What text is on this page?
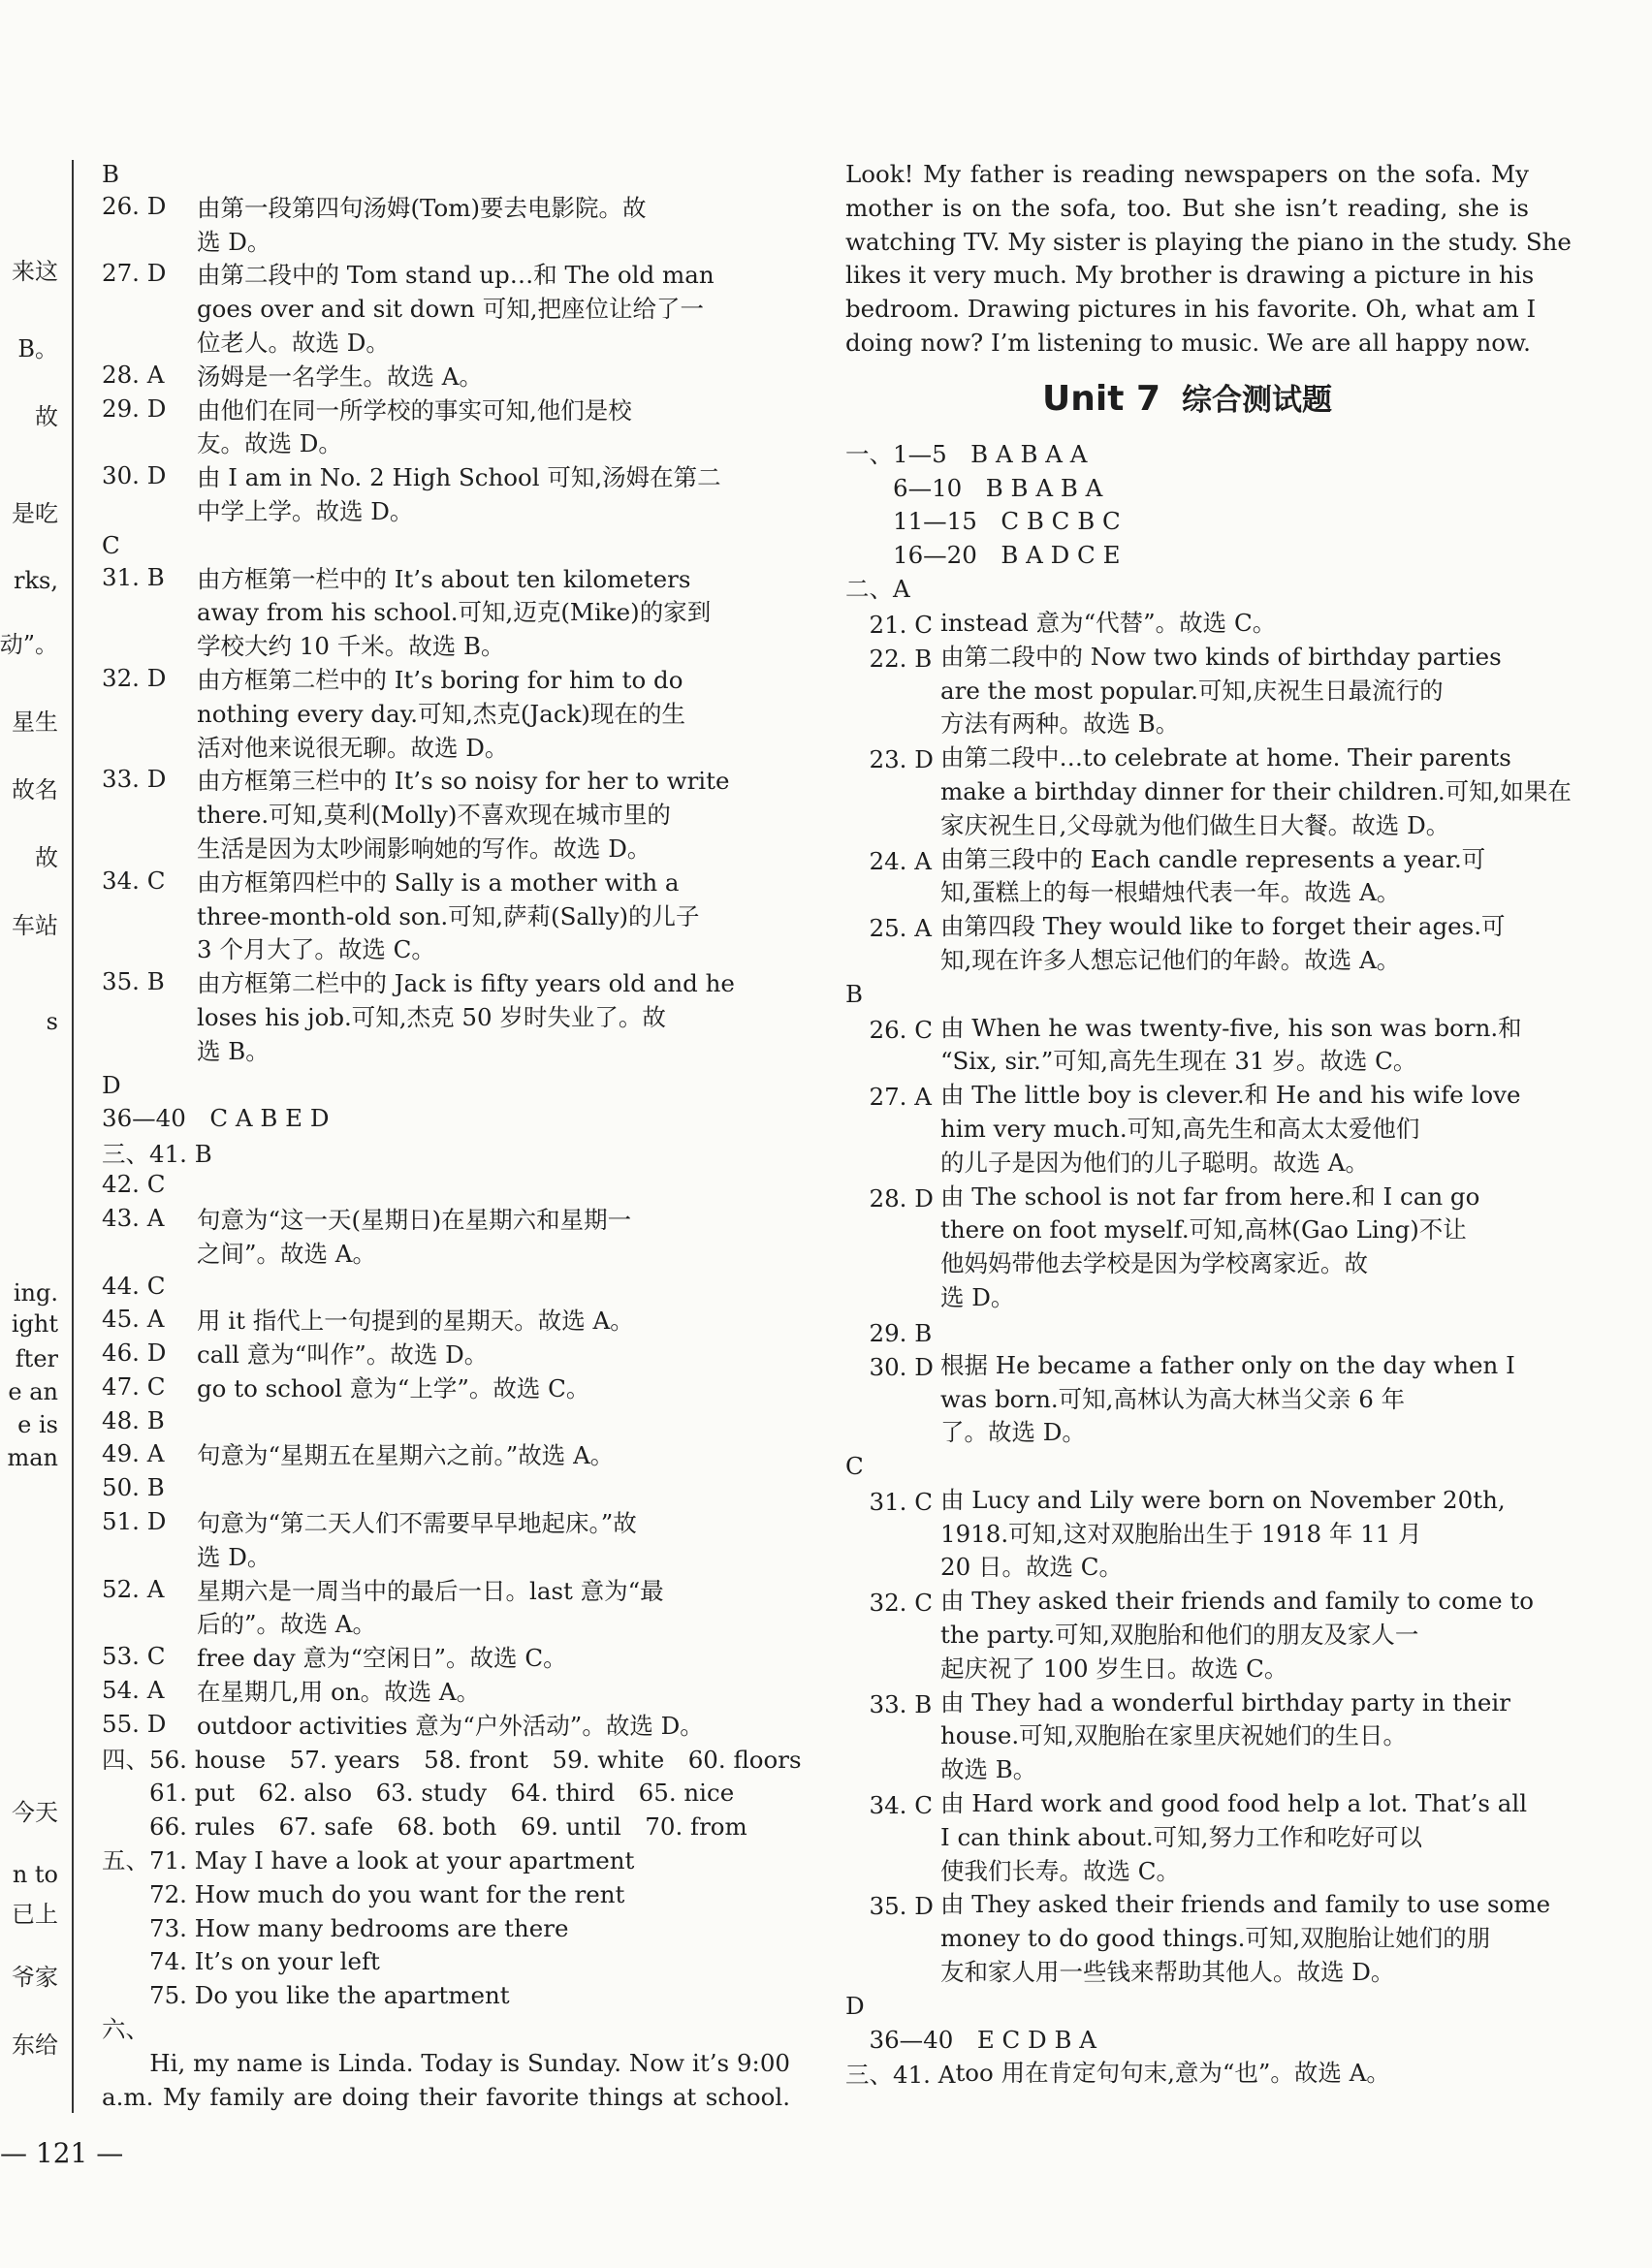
来这
B。
故
是吃
rks,
动”。
星生
故名
故
车站
s
ing.
ight
fter
e an
e is
man
今天
n to
已上
爷家
东给
B
26. D	由第一段第四句汤姆(Tom)要去电影院。故
选 D。
27. D	由第二段中的 Tom stand up…和 The old man
goes over and sit down 可知,把座位让给了一
位老人。故选 D。
28. A	汤姆是一名学生。故选 A。
29. D	由他们在同一所学校的事实可知,他们是校
友。故选 D。
30. D	由 I am in No. 2 High School 可知,汤姆在第二
中学上学。故选 D。
C
31. B	由方框第一栏中的 It’s about ten kilometers
away from his school.可知,迈克(Mike)的家到
学校大约 10 千米。故选 B。
32. D	由方框第二栏中的 It’s boring for him to do
nothing every day.可知,杰克(Jack)现在的生
活对他来说很无聊。故选 D。
33. D	由方框第三栏中的 It’s so noisy for her to write
there.可知,莫利(Molly)不喜欢现在城市里的
生活是因为太吵闹影响她的写作。故选 D。
34. C	由方框第四栏中的 Sally is a mother with a
three-month-old son.可知,萨莉(Sally)的儿子
3 个月大了。故选 C。
35. B	由方框第二栏中的 Jack is fifty years old and he
loses his job.可知,杰克 50 岁时失业了。故
选 B。
D
36—40　C A B E D
三、41. B
42. C
43. A	句意为“这一天(星期日)在星期六和星期一
之间”。故选 A。
44. C
45. A	用 it 指代上一句提到的星期天。故选 A。
46. D	call 意为“叫作”。故选 D。
47. C	go to school 意为“上学”。故选 C。
48. B
49. A	句意为“星期五在星期六之前。”故选 A。
50. B
51. D	句意为“第二天人们不需要早早地起床。”故
选 D。
52. A	星期六是一周当中的最后一日。last 意为“最
后的”。故选 A。
53. C	free day 意为“空闲日”。故选 C。
54. A	在星期几,用 on。故选 A。
55. D	outdoor activities 意为“户外活动”。故选 D。
四、56. house　57. years　58. front　59. white　60. floors
　　61. put　62. also　63. study　64. third　65. nice
　　66. rules　67. safe　68. both　69. until　70. from
五、71. May I have a look at your apartment
　　72. How much do you want for the rent
　　73. How many bedrooms are there
　　74. It’s on your left
　　75. Do you like the apartment
六、
　　Hi, my name is Linda. Today is Sunday. Now it’s 9:00
a.m. My family are doing their favorite things at school.
Look! My father is reading newspapers on the sofa. My
mother is on the sofa, too. But she isn’t reading, she is
watching TV. My sister is playing the piano in the study. She
likes it very much. My brother is drawing a picture in his
bedroom. Drawing pictures in his favorite. Oh, what am I
doing now? I’m listening to music. We are all happy now.
Unit 7 综合测试题
一、1—5　B A B A A
　　6—10　B B A B A
　　11—15　C B C B C
　　16—20　B A D C E
二、A
　21. C instead 意为“代替”。故选 C。
　22. B 由第二段中的 Now two kinds of birthday parties
are the most popular.可知,庆祝生日最流行的
方法有两种。故选 B。
　23. D 由第二段中…to celebrate at home. Their parents
make a birthday dinner for their children.可知,如果在
家庆祝生日,父母就为他们做生日大餐。故选 D。
　24. A 由第三段中的 Each candle represents a year.可
知,蛋糕上的每一根蜡烛代表一年。故选 A。
　25. A 由第四段 They would like to forget their ages.可
知,现在许多人想忘记他们的年龄。故选 A。
B
　26. C 由 When he was twenty-five, his son was born.和
“Six, sir.”可知,高先生现在 31 岁。故选 C。
　27. A 由 The little boy is clever.和 He and his wife love
him very much.可知,高先生和高太太爱他们
的儿子是因为他们的儿子聪明。故选 A。
　28. D 由 The school is not far from here.和 I can go
there on foot myself.可知,高林(Gao Ling)不让
他妈妈带他去学校是因为学校离家近。故
选 D。
　29. B
　30. D 根据 He became a father only on the day when I
was born.可知,高林认为高大林当父亲 6 年
了。故选 D。
C
　31. C 由 Lucy and Lily were born on November 20th,
1918.可知,这对双胞胎出生于 1918 年 11 月
20 日。故选 C。
　32. C 由 They asked their friends and family to come to
the party.可知,双胞胎和他们的朋友及家人一
起庆祝了 100 岁生日。故选 C。
　33. B 由 They had a wonderful birthday party in their
house.可知,双胞胎在家里庆祝她们的生日。
故选 B。
　34. C 由 Hard work and good food help a lot. That’s all
I can think about.可知,努力工作和吃好可以
使我们长寿。故选 C。
　35. D 由 They asked their friends and family to use some
money to do good things.可知,双胞胎让她们的朋
友和家人用一些钱来帮助其他人。故选 D。
D
　36—40　E C D B A
三、41. A too 用在肯定句句末,意为“也”。故选 A。
— 121 —
